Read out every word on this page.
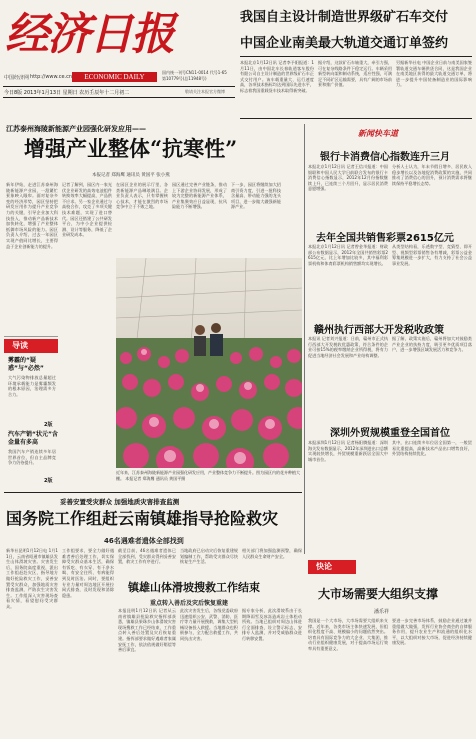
经济日报
中国经济网 http://www.ce.cn	ECONOMIC DAILY
国内统一刊号CN11-0014 代号1-65
第10779号(总11948号)
今日8版 2013年1月13日 星期日 农历壬辰年十二月初二	敬请关注本报官方微博
我国自主设计制造世界级矿石车交付
中国企业南美最大轨道交通订单签约
本报北京1月12日讯 记者李予阳报道：1月11日，由中国北车长春轨道客车股份有限公司自主设计制造的世界级矿石车正式交付用户。该车载重量大、运行速度高，各项技术指标均达到国际先进水平，标志着我国重载货车技术取得新突破。
据介绍，这款矿石车轴重大，牵引力强，可在复杂线路条件下稳定运行。车辆采用新型转向架和制动系统，适应性强，可满足不同矿区运输需要，具有广阔的市场前景和推广价值。
另据新华社电 中国企业日前与南美国家签署轨道交通车辆供货合同，这是我国企业在南美地区获得的最大轨道交通订单，将进一步提升中国装备制造业的国际影响力。
江苏泰州海陵新能源产业园强化研发应用——
增强产业整体“抗寒性”
本报记者 郑海鹰 通讯员 黄国平 张小燕
新年伊始，走进江苏泰州海陵新能源产业园，一派繁忙景象映入眼帘。面对复杂多变的经济形势，园区坚持把研发应用作为提升产业竞争力的关键，引导企业加大科技投入，推动新产品新技术加快转化，增强了产业整体抵御市场风险的能力。园区负责人介绍，过去一年园区实现产值同比增长，主要得益于企业创新能力的提升。
记者了解到，园区内一家光伏企业研发的高效电池组件转换效率大幅提高，产品供不应求。另一家企业通过与高校合作，攻克了多项关键技术难题，实现了进口替代。园区还搭建了公共研发平台，为中小企业提供检测、设计等服务，降低了企业研发成本。
在园区企业的展示厅里，各类新能源产品琳琅满目。企业负责人表示，只有掌握核心技术，才能在激烈的市场竞争中立于不败之地。
园区通过完善产业链条，推动上下游企业协同发展，形成了较为完整的新能源产业体系，产业集聚效应日益显现，抗风险能力不断增强。
下一步，园区将继续加大招商引资力度，引进一批科技含量高、带动能力强的龙头项目，进一步做大做强新能源产业。
导读
雾霾的“疑惑”与“必然”
大气污染物排放总量超过环境承载能力是雾霾频发的根本原因，治理需多方合力。
2版
汽车产销“状元”含金量有多高
我国汽车产销连续多年居世界首位，但自主品牌竞争力仍待提升。
2版
近年来，江苏泰州海陵新能源产业园强化研发应用，产业整体竞争力不断提升。图为园区内的花卉种植大棚。 本报记者 郑海鹰 通讯员 黄国平摄
新闻快车道
银行卡消费信心指数连升三月
本报北京1月12日讯 记者王信川报道：中国银联和中国人民大学日前联合发布的银行卡消费信心指数显示，2012年12月份指数继续上升，已连续三个月回升，显示居民消费意愿增强。
分析人士认为，年末节假日增多、居民收入稳步增长以及各地促消费政策的实施，共同推动了消费信心的回升，预计消费需求将继续保持平稳增长态势。
去年全国共销售彩票2615亿元
本报北京1月12日讯 记者曾金华报道：财政部公布数据显示，2012年全国共销售彩票2615亿元，比上年增加比较多，其中福利彩票机构和体育彩票机构销售额均实现增长。
从类型结构看，乐透数字型、竞猜型、即开型、视频型彩票销售各有增减，彩票公益金筹集规模进一步扩大，有力支持了社会公益事业发展。
赣州执行西部大开发税收政策
本报讯 记者刘兴报道：日前，赣州市正式执行西部大开发税收优惠政策，符合条件的企业可按15%的税率缴纳企业所得税，将有力促进当地经济社会发展和产业结构调整。
据了解，政策实施后，赣州将加大对鼓励类产业企业的扶持力度，吸引更多优质项目落户，进一步增强区域发展活力和竞争力。
深圳外贸规模重登全国首位
本报深圳1月12日讯 记者杨阳腾报道：深圳海关发布数据显示，2012年深圳进出口总额实现较快增长，外贸规模重新跃居全国大中城市首位。
其中，出口连续多年位居全国第一，一般贸易比重提高，高新技术产品出口增势良好，外贸结构持续优化。
妥善安置受灾群众 加强地质灾害排查监测
国务院工作组赶云南镇雄指导抢险救灾
46名遇难者遗体全部找到
新华社昆明1月12日电 1月11日，云南省昭通市镇雄县发生山体滑坡灾害。灾害发生后，国务院高度重视，派出工作组赶赴灾区，指导地方做好抢险救灾工作，妥善安置受灾群众，加强地质灾害排查监测，严防次生灾害发生。工作组深入灾害现场查看灾情，看望慰问受灾群众。
工作组要求，要全力做好遇难者善后处理工作，切实保障受灾群众基本生活，确保有饭吃、有衣穿、有干净水喝、有安全住所、有病能得到及时医治。同时，要组织专业力量对周边地区开展拉网式排查，及时发现和消除隐患。
截至目前，46名遇难者遗体已全部找到，受灾群众得到妥善安置，救灾工作有序进行。
当地政府已启动灾后恢复重建规划编制工作，帮助受灾群众尽快恢复生产生活。
相关部门将加强监测预警，确保人民群众生命财产安全。
镇雄山体滑坡搜救工作结束
重点转入善后及灾后恢复重建
本报昆明1月12日讯 记者从云南省镇雄县抢险救灾指挥部获悉，镇雄县果珠乡山体滑坡灾害现场搜救工作已经结束，工作重点转入善后处置及灾后恢复重建。指挥部要求做好遇难者家属安抚工作，依法依规做好赔偿等善后事宜。
此次灾害发生后，各级党委政府迅速组织公安、武警、消防、医疗等力量开展搜救，调集大型机械设备投入救援。当地群众也积极参与，全力配合救援工作，共同抗击灾害。
据专家分析，此次滑坡系由于长期降雨雪及冰冻造成岩土体松动所致。当地已组织对周边山体进行全面排查，设立警示标志，安排专人监测，并对受威胁群众进行转移安置。
快论
大市场需要大组织支撑
潘乐祥
我国是一个大市场，大市场需要大组织来支撑。近年来，各类市场主体快速发展，但组织化程度不高、规模偏小的问题依然突出。培育具有国际竞争力的大企业、大集团，推动行业组织健康发展，对于提高市场运行效率具有重要意义。
要进一步完善市场体系，鼓励企业通过兼并重组做大做强，发挥行业协会商会的自律服务作用，提升农业生产和流通的组织化水平，以大组织对接大市场，促进经济持续健康发展。
